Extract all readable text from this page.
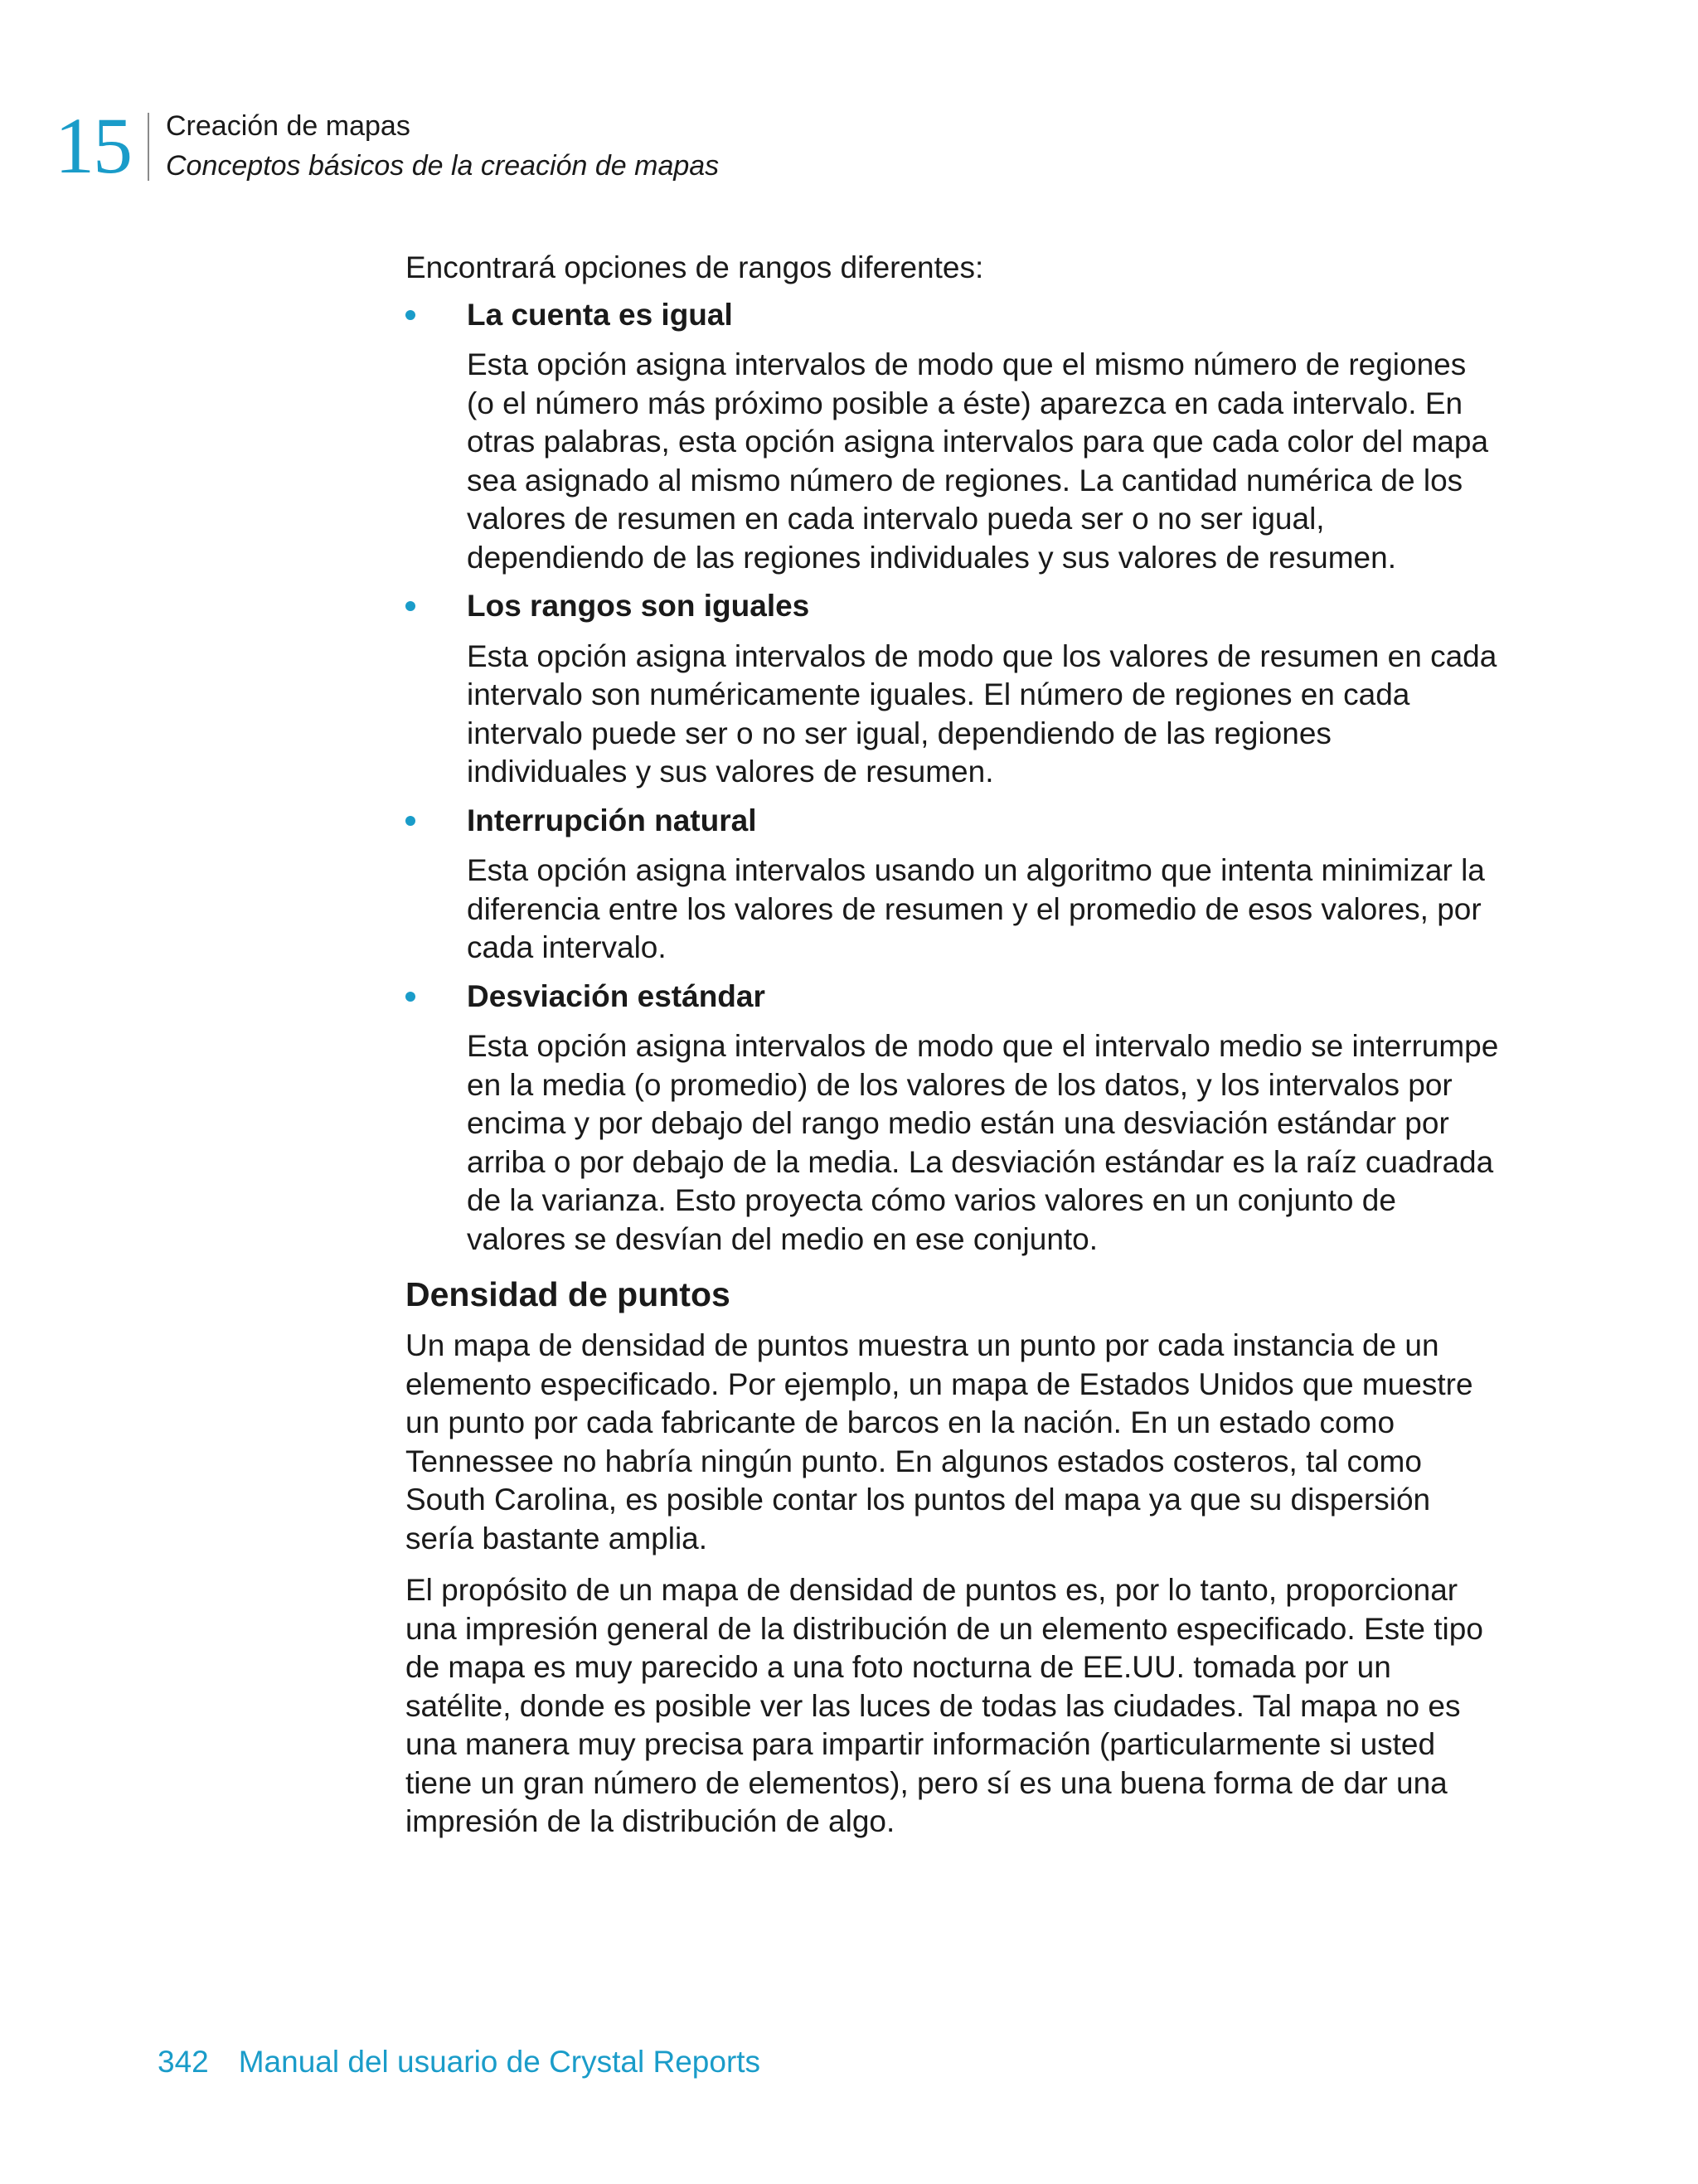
15 Creación de mapas
Conceptos básicos de la creación de mapas

Encontrará opciones de rangos diferentes:

La cuenta es igual

Esta opción asigna intervalos de modo que el mismo número de regiones (o el número más próximo posible a éste) aparezca en cada intervalo. En otras palabras, esta opción asigna intervalos para que cada color del mapa sea asignado al mismo número de regiones. La cantidad numérica de los valores de resumen en cada intervalo pueda ser o no ser igual, dependiendo de las regiones individuales y sus valores de resumen.

Los rangos son iguales

Esta opción asigna intervalos de modo que los valores de resumen en cada intervalo son numéricamente iguales. El número de regiones en cada intervalo puede ser o no ser igual, dependiendo de las regiones individuales y sus valores de resumen.

Interrupción natural

Esta opción asigna intervalos usando un algoritmo que intenta minimizar la diferencia entre los valores de resumen y el promedio de esos valores, por cada intervalo.

Desviación estándar

Esta opción asigna intervalos de modo que el intervalo medio se interrumpe en la media (o promedio) de los valores de los datos, y los intervalos por encima y por debajo del rango medio están una desviación estándar por arriba o por debajo de la media. La desviación estándar es la raíz cuadrada de la varianza. Esto proyecta cómo varios valores en un conjunto de valores se desvían del medio en ese conjunto.

Densidad de puntos

Un mapa de densidad de puntos muestra un punto por cada instancia de un elemento especificado. Por ejemplo, un mapa de Estados Unidos que muestre un punto por cada fabricante de barcos en la nación. En un estado como Tennessee no habría ningún punto. En algunos estados costeros, tal como South Carolina, es posible contar los puntos del mapa ya que su dispersión sería bastante amplia.

El propósito de un mapa de densidad de puntos es, por lo tanto, proporcionar una impresión general de la distribución de un elemento especificado. Este tipo de mapa es muy parecido a una foto nocturna de EE.UU. tomada por un satélite, donde es posible ver las luces de todas las ciudades. Tal mapa no es una manera muy precisa para impartir información (particularmente si usted tiene un gran número de elementos), pero sí es una buena forma de dar una impresión de la distribución de algo.

342 Manual del usuario de Crystal Reports
